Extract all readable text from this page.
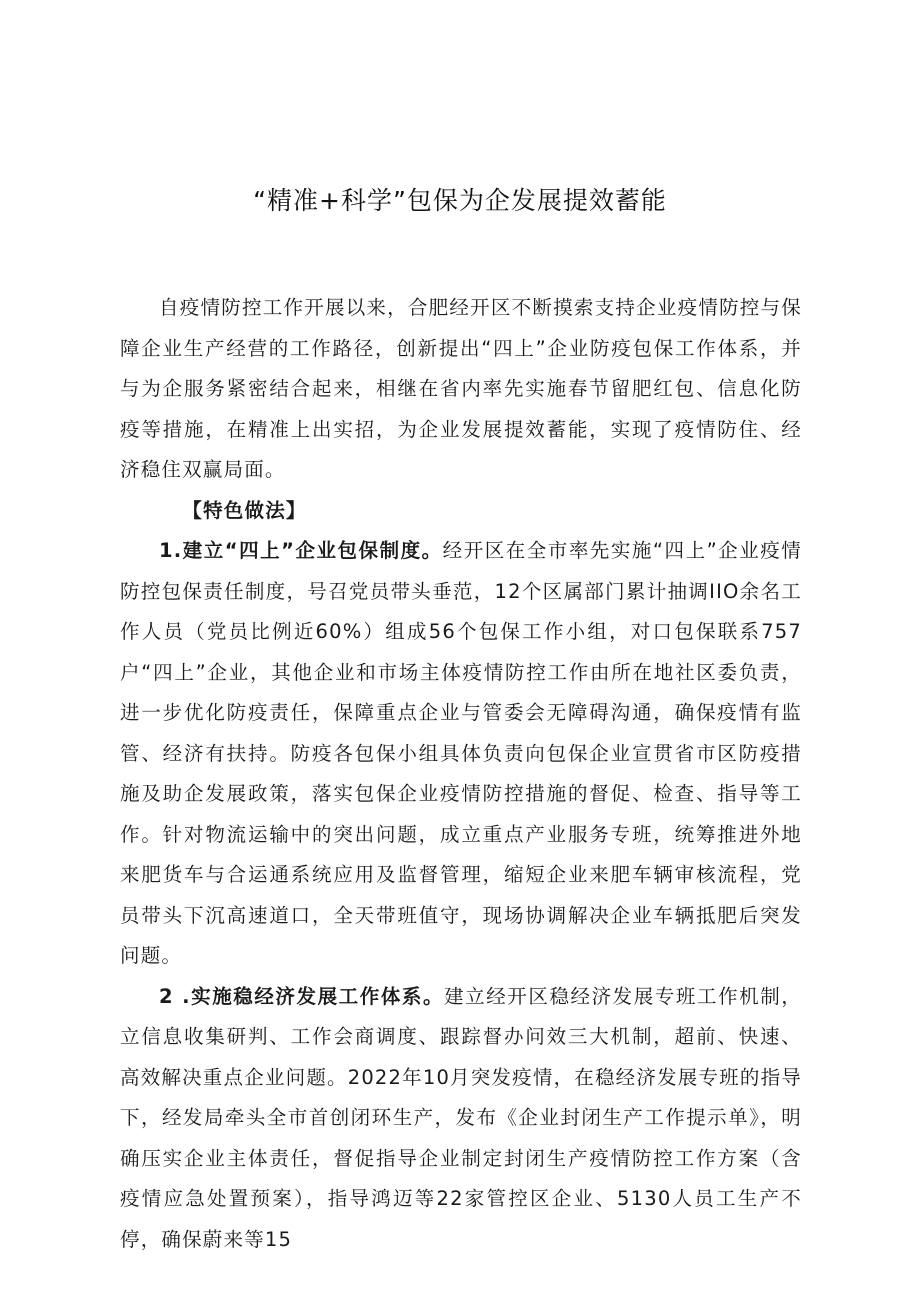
“精准+科学”包保为企发展提效蓄能

自疫情防控工作开展以来，合肥经开区不断摸索支持企业疫情防控与保障企业生产经营的工作路径，创新提出“四上”企业防疫包保工作体系，并与为企服务紧密结合起来，相继在省内率先实施春节留肥红包、信息化防疫等措施，在精准上出实招，为企业发展提效蓄能，实现了疫情防住、经济稳住双赢局面。

【特色做法】

1.建立“四上”企业包保制度。经开区在全市率先实施“四上”企业疫情防控包保责任制度，号召党员带头垂范，12个区属部门累计抽调IIO余名工作人员（党员比例近60%）组成56个包保工作小组，对口包保联系757户“四上”企业，其他企业和市场主体疫情防控工作由所在地社区委负责，进一步优化防疫责任，保障重点企业与管委会无障碍沟通，确保疫情有监管、经济有扶持。防疫各包保小组具体负责向包保企业宣贯省市区防疫措施及助企发展政策，落实包保企业疫情防控措施的督促、检查、指导等工作。针对物流运输中的突出问题，成立重点产业服务专班，统筹推进外地来肥货车与合运通系统应用及监督管理，缩短企业来肥车辆审核流程，党员带头下沉高速道口，全天带班值守，现场协调解决企业车辆抵肥后突发问题。

2 .实施稳经济发展工作体系。建立经开区稳经济发展专班工作机制，立信息收集研判、工作会商调度、跟踪督办问效三大机制，超前、快速、高效解决重点企业问题。2022年10月突发疫情，在稳经济发展专班的指导下，经发局牵头全市首创闭环生产，发布《企业封闭生产工作提示单》，明确压实企业主体责任，督促指导企业制定封闭生产疫情防控工作方案（含疫情应急处置预案），指导鸿迈等22家管控区企业、5130人员工生产不停，确保蔚来等15
